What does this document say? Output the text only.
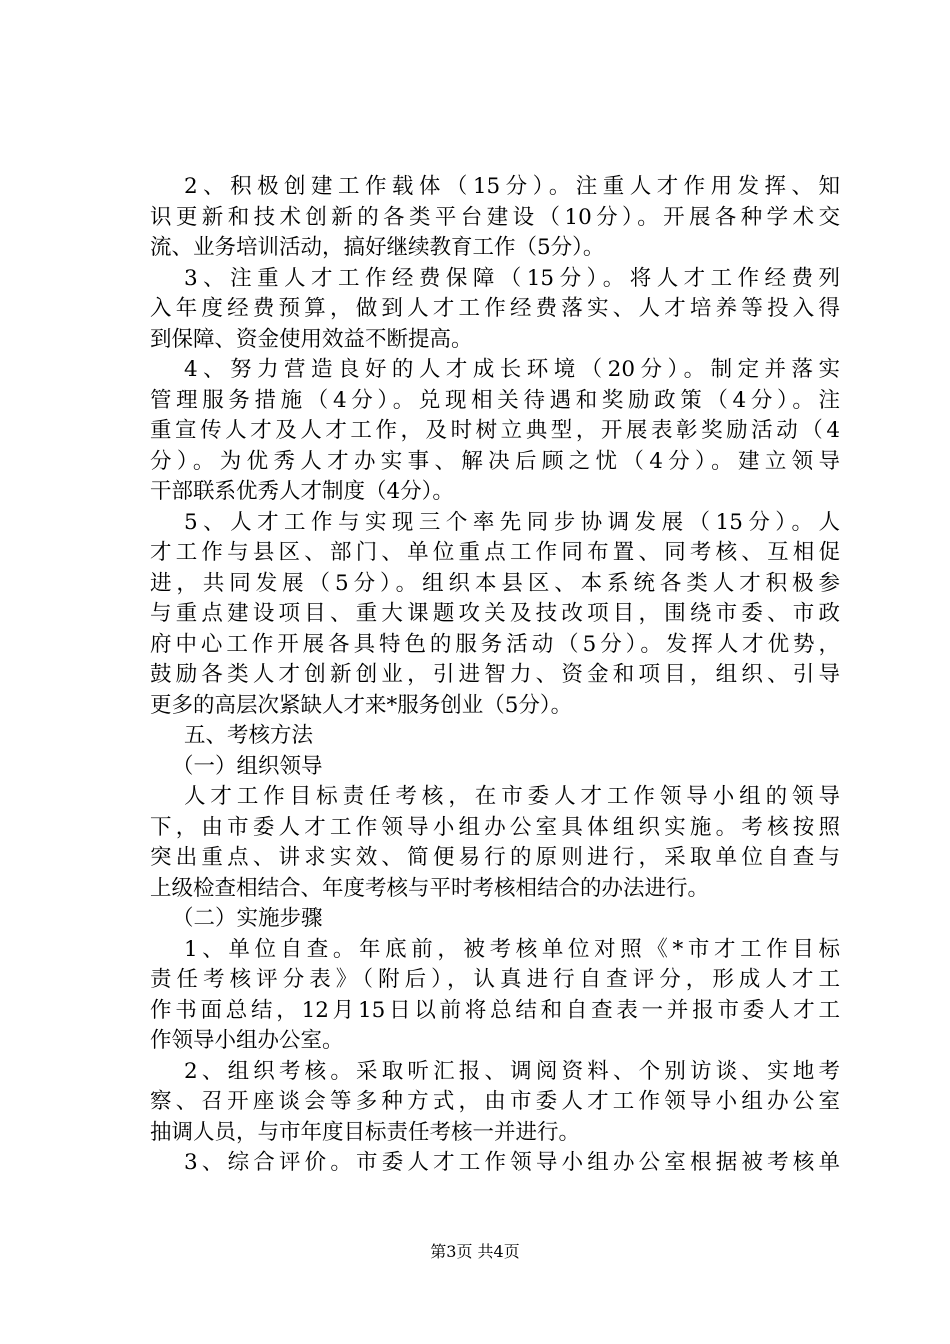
2、积极创建工作载体（15分）。注重人才作用发挥、知
识更新和技术创新的各类平台建设（10分）。开展各种学术交
流、业务培训活动，搞好继续教育工作（5分）。
3、注重人才工作经费保障（15分）。将人才工作经费列
入年度经费预算，做到人才工作经费落实、人才培养等投入得
到保障、资金使用效益不断提高。
4、努力营造良好的人才成长环境（20分）。制定并落实
管理服务措施（4分）。兑现相关待遇和奖励政策（4分）。注
重宣传人才及人才工作，及时树立典型，开展表彰奖励活动（4
分）。为优秀人才办实事、解决后顾之忧（4分）。建立领导
干部联系优秀人才制度（4分）。
5、人才工作与实现三个率先同步协调发展（15分）。人
才工作与县区、部门、单位重点工作同布置、同考核、互相促
进，共同发展（5分）。组织本县区、本系统各类人才积极参
与重点建设项目、重大课题攻关及技改项目，围绕市委、市政
府中心工作开展各具特色的服务活动（5分）。发挥人才优势，
鼓励各类人才创新创业，引进智力、资金和项目，组织、引导
更多的高层次紧缺人才来*服务创业（5分）。
五、考核方法
（一）组织领导
人才工作目标责任考核，在市委人才工作领导小组的领导
下，由市委人才工作领导小组办公室具体组织实施。考核按照
突出重点、讲求实效、简便易行的原则进行，采取单位自查与
上级检查相结合、年度考核与平时考核相结合的办法进行。
（二）实施步骤
1、单位自查。年底前，被考核单位对照《*市才工作目标
责任考核评分表》（附后），认真进行自查评分，形成人才工
作书面总结，12月15日以前将总结和自查表一并报市委人才工
作领导小组办公室。
2、组织考核。采取听汇报、调阅资料、个别访谈、实地考
察、召开座谈会等多种方式，由市委人才工作领导小组办公室
抽调人员，与市年度目标责任考核一并进行。
3、综合评价。市委人才工作领导小组办公室根据被考核单
第3页 共4页
